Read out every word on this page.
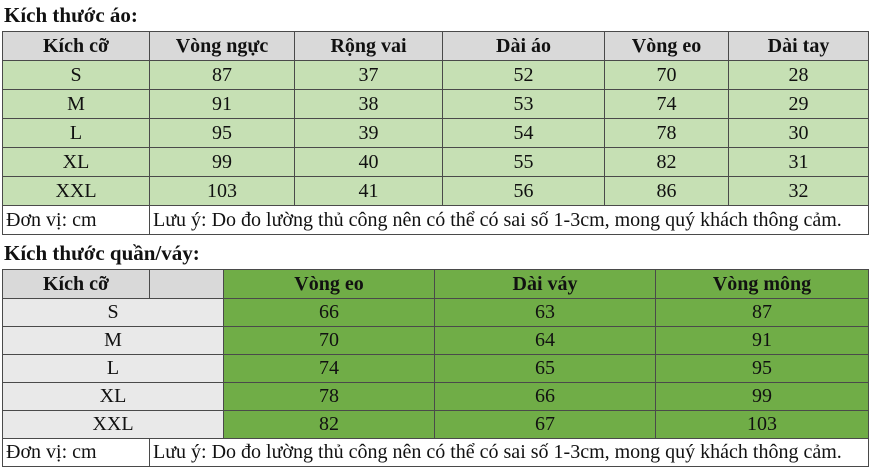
Kích thước áo:
Kích cỡ	Vòng ngực	Rộng vai	Dài áo	Vòng eo	Dài tay
S	87	37	52	70	28
M	91	38	53	74	29
L	95	39	54	78	30
XL	99	40	55	82	31
XXL	103	41	56	86	32
Đơn vị: cm	Lưu ý: Do đo lường thủ công nên có thể có sai số 1-3cm, mong quý khách thông cảm.				
Kích thước quần/váy:
Kích cỡ		Vòng eo	Dài váy	Vòng mông
S		66	63	87
M		70	64	91
L		74	65	95
XL		78	66	99
XXL		82	67	103
Đơn vị: cm	Lưu ý: Do đo lường thủ công nên có thể có sai số 1-3cm, mong quý khách thông cảm.			
